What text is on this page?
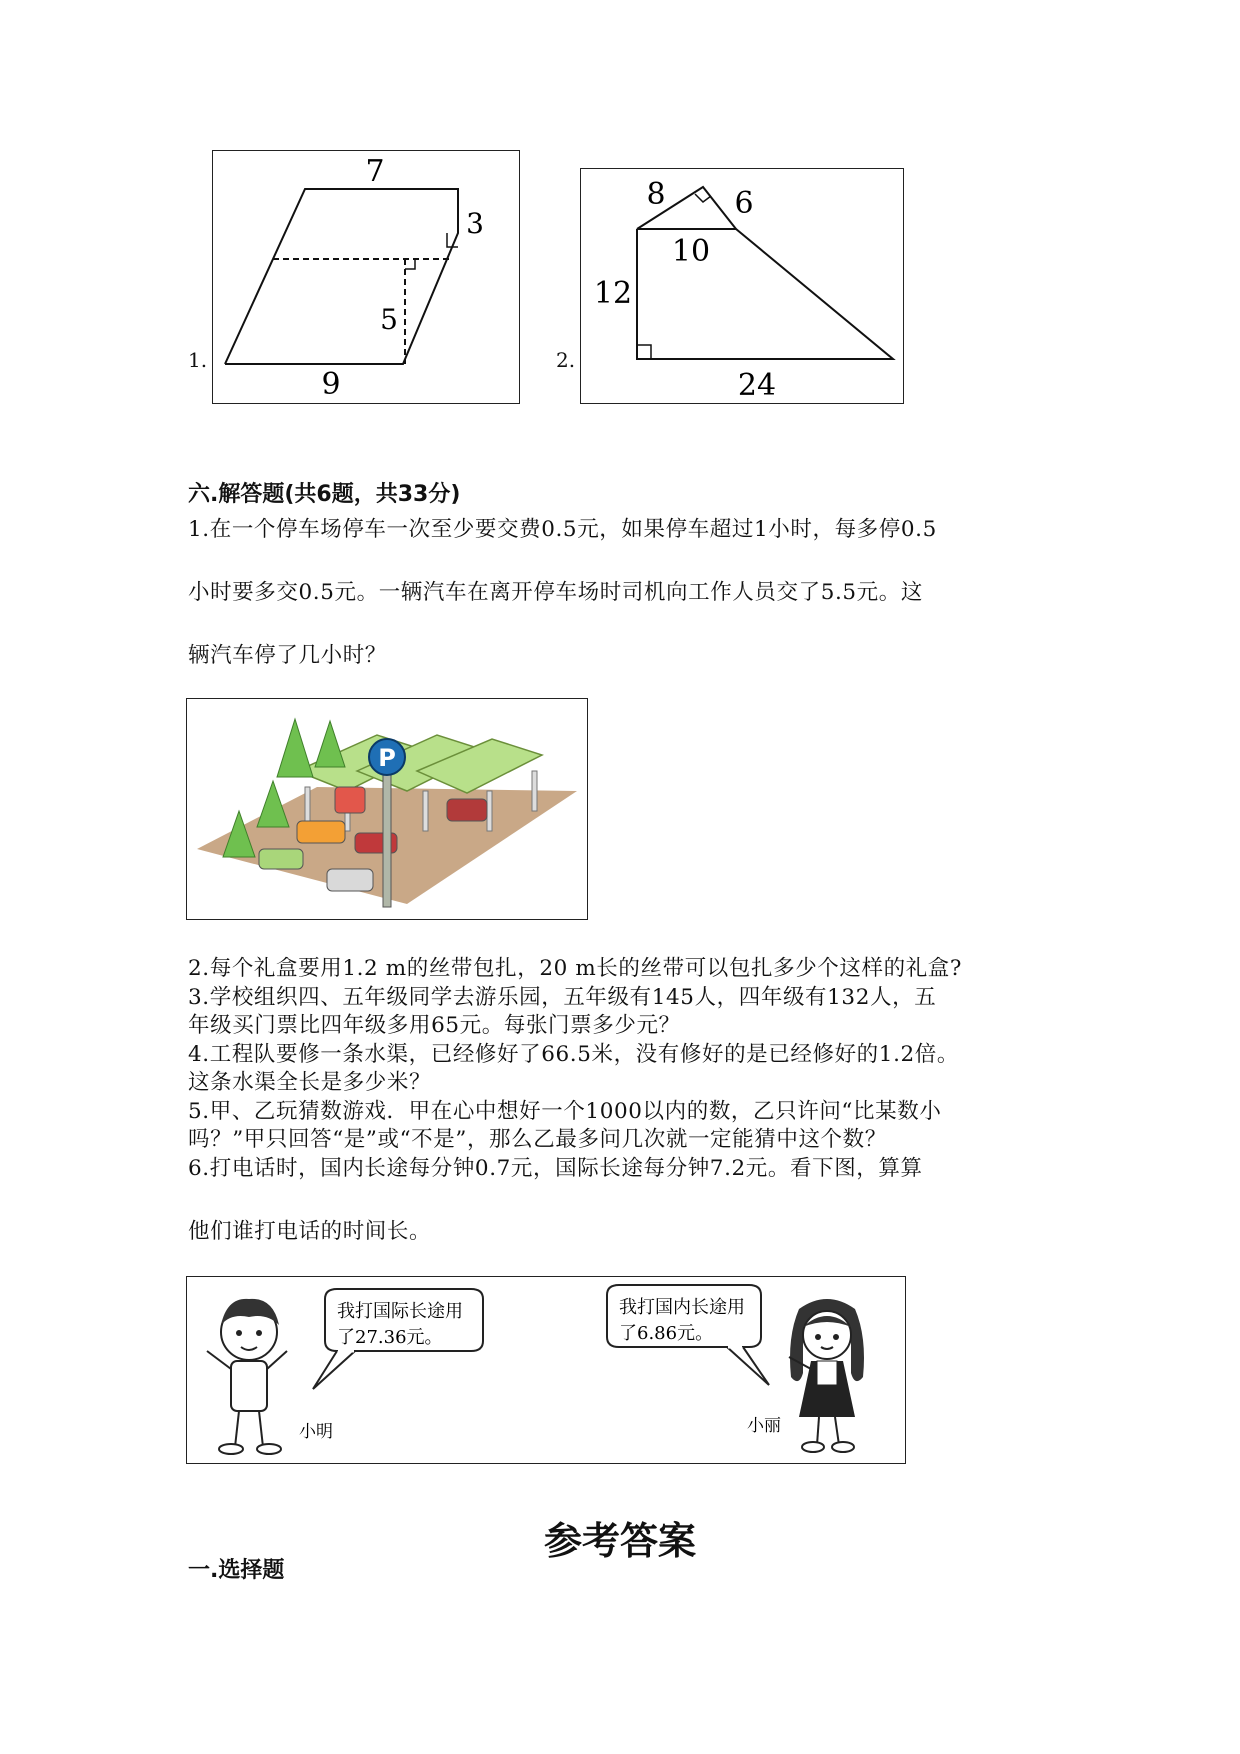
1.
7
3
5
9
2.
8 6
10
12
24
六.解答题(共6题，共33分)
1.在一个停车场停车一次至少要交费0.5元，如果停车超过1小时，每多停0.5
小时要多交0.5元。一辆汽车在离开停车场时司机向工作人员交了5.5元。这
辆汽车停了几小时？
P
2.每个礼盒要用1.2 m的丝带包扎，20 m长的丝带可以包扎多少个这样的礼盒?
3.学校组织四、五年级同学去游乐园，五年级有145人，四年级有132人，五
年级买门票比四年级多用65元。每张门票多少元？
4.工程队要修一条水渠，已经修好了66.5米，没有修好的是已经修好的1.2倍。
这条水渠全长是多少米？
5.甲、乙玩猜数游戏．甲在心中想好一个1000以内的数，乙只许问“比某数小
吗？”甲只回答“是”或“不是”，那么乙最多问几次就一定能猜中这个数？
6.打电话时，国内长途每分钟0.7元，国际长途每分钟7.2元。看下图，算算
他们谁打电话的时间长。
小明
我打国际长途用
了27.36元。
我打国内长途用
了6.86元。
小丽
参考答案
一.选择题
